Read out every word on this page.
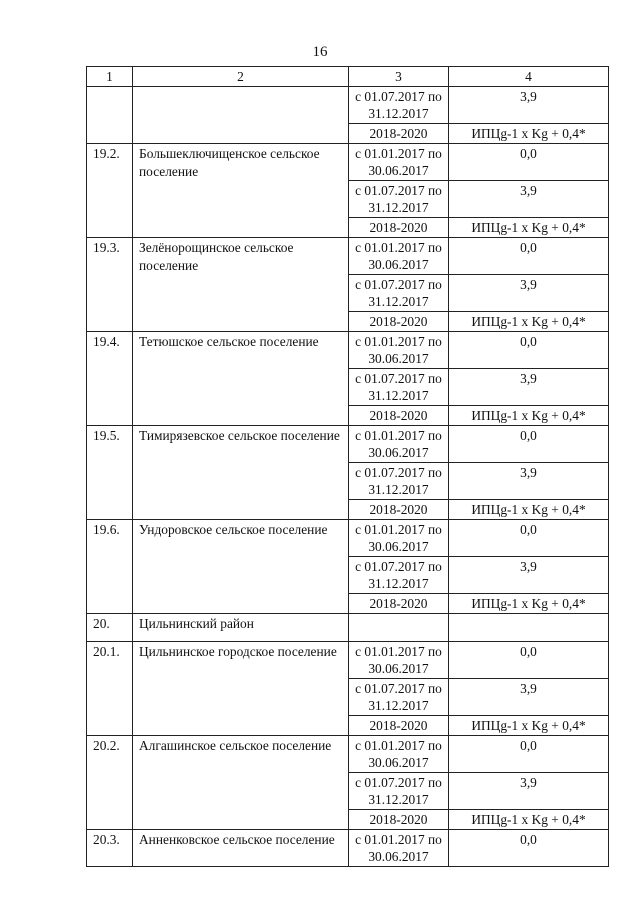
16
1	2	3	4
		с 01.07.2017 по 31.12.2017	3,9
		2018-2020	ИПЦg-1 x Kg + 0,4*
19.2.	Большеключищенское сельское поселение	с 01.01.2017 по 30.06.2017	0,0
		с 01.07.2017 по 31.12.2017	3,9
		2018-2020	ИПЦg-1 x Kg + 0,4*
19.3.	Зелёнорощинское сельское поселение	с 01.01.2017 по 30.06.2017	0,0
		с 01.07.2017 по 31.12.2017	3,9
		2018-2020	ИПЦg-1 x Kg + 0,4*
19.4.	Тетюшское сельское поселение	с 01.01.2017 по 30.06.2017	0,0
		с 01.07.2017 по 31.12.2017	3,9
		2018-2020	ИПЦg-1 x Kg + 0,4*
19.5.	Тимирязевское сельское поселение	с 01.01.2017 по 30.06.2017	0,0
		с 01.07.2017 по 31.12.2017	3,9
		2018-2020	ИПЦg-1 x Kg + 0,4*
19.6.	Ундоровское сельское поселение	с 01.01.2017 по 30.06.2017	0,0
		с 01.07.2017 по 31.12.2017	3,9
		2018-2020	ИПЦg-1 x Kg + 0,4*
20.	Цильнинский район		
20.1.	Цильнинское городское поселение	с 01.01.2017 по 30.06.2017	0,0
		с 01.07.2017 по 31.12.2017	3,9
		2018-2020	ИПЦg-1 x Kg + 0,4*
20.2.	Алгашинское сельское поселение	с 01.01.2017 по 30.06.2017	0,0
		с 01.07.2017 по 31.12.2017	3,9
		2018-2020	ИПЦg-1 x Kg + 0,4*
20.3.	Анненковское сельское поселение	с 01.01.2017 по 30.06.2017	0,0
